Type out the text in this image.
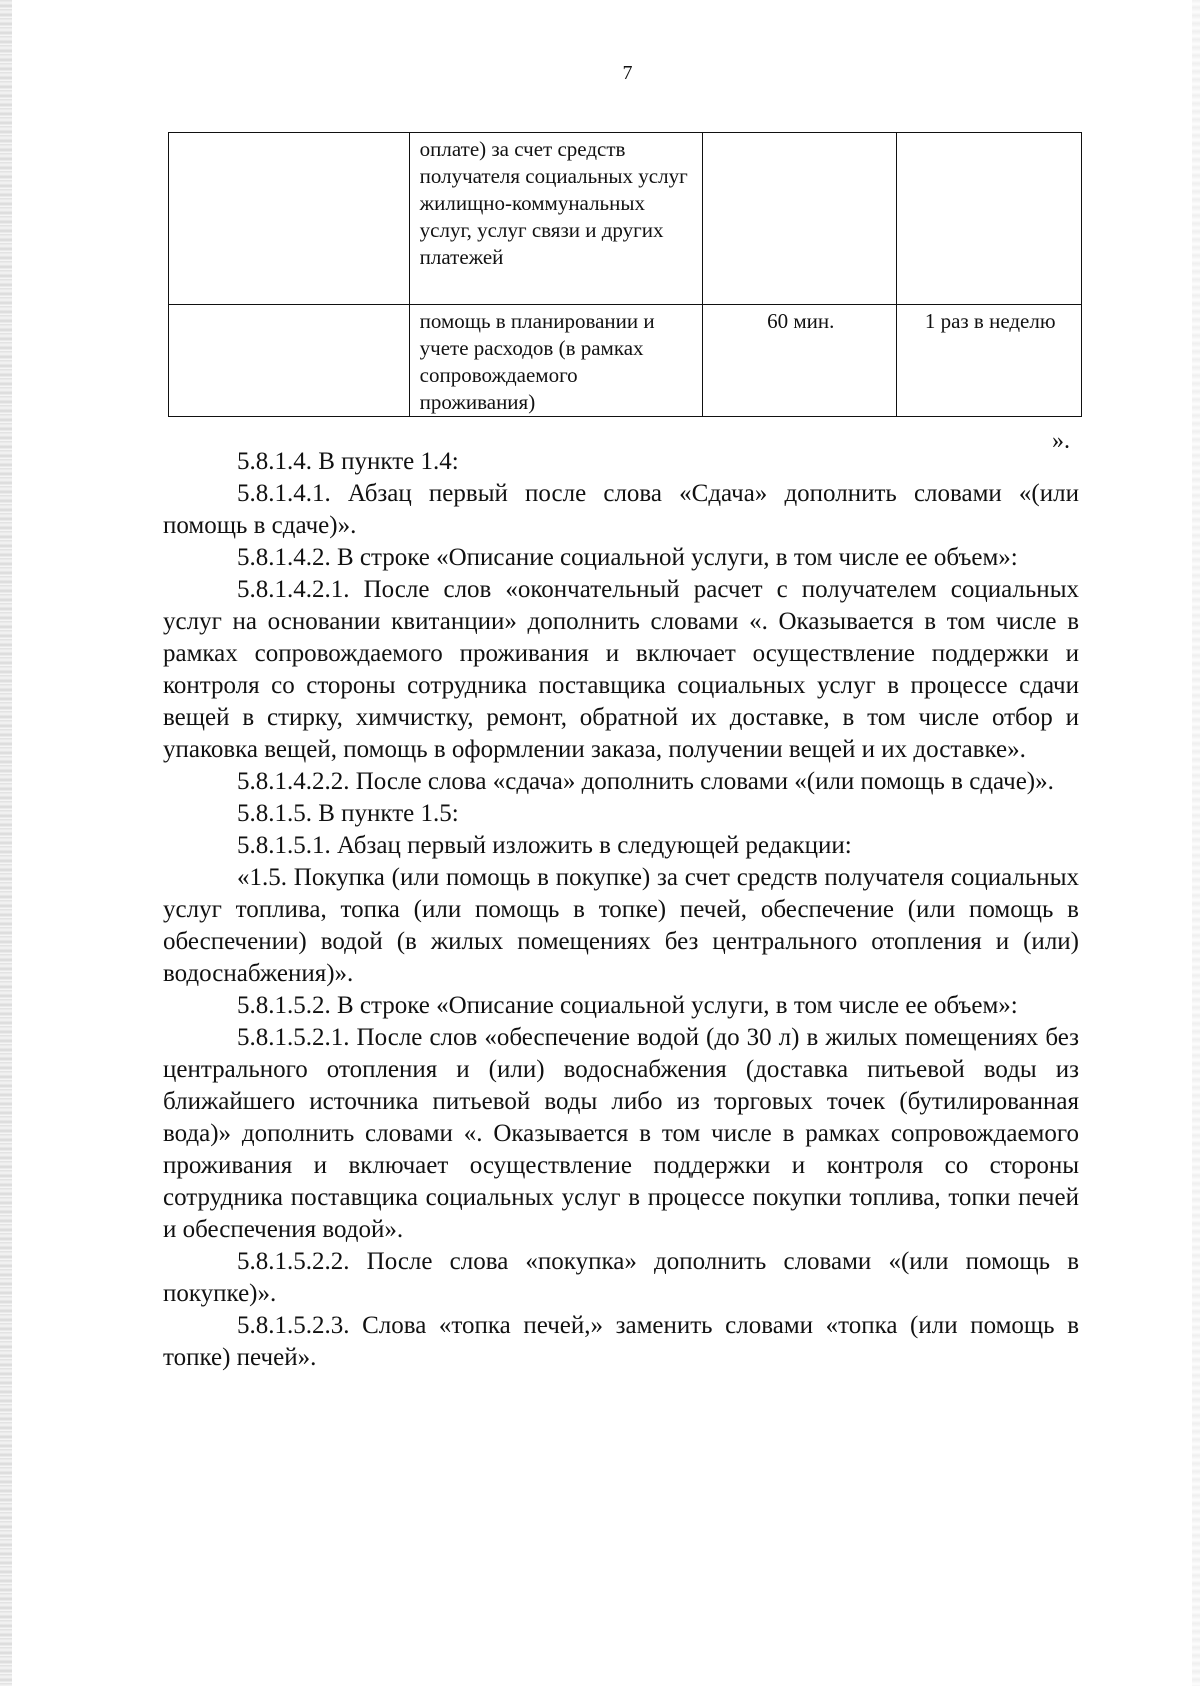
7
	оплате) за счет средств получателя социальных услуг жилищно-коммунальных услуг, услуг связи и других платежей		
	помощь в планировании и учете расходов (в рамках сопровождаемого проживания)	60 мин.	1 раз в неделю
».

5.8.1.4. В пункте 1.4:

5.8.1.4.1. Абзац первый после слова «Сдача» дополнить словами «(или помощь в сдаче)».

5.8.1.4.2. В строке «Описание социальной услуги, в том числе ее объем»:

5.8.1.4.2.1. После слов «окончательный расчет с получателем социальных услуг на основании квитанции» дополнить словами «. Оказывается в том числе в рамках сопровождаемого проживания и включает осуществление поддержки и контроля со стороны сотрудника поставщика социальных услуг в процессе сдачи вещей в стирку, химчистку, ремонт, обратной их доставке, в том числе отбор и упаковка вещей, помощь в оформлении заказа, получении вещей и их доставке».

5.8.1.4.2.2. После слова «сдача» дополнить словами «(или помощь в сдаче)».

5.8.1.5. В пункте 1.5:

5.8.1.5.1. Абзац первый изложить в следующей редакции:

«1.5. Покупка (или помощь в покупке) за счет средств получателя социальных услуг топлива, топка (или помощь в топке) печей, обеспечение (или помощь в обеспечении) водой (в жилых помещениях без центрального отопления и (или) водоснабжения)».

5.8.1.5.2. В строке «Описание социальной услуги, в том числе ее объем»:

5.8.1.5.2.1. После слов «обеспечение водой (до 30 л) в жилых помещениях без центрального отопления и (или) водоснабжения (доставка питьевой воды из ближайшего источника питьевой воды либо из торговых точек (бутилированная вода)» дополнить словами «. Оказывается в том числе в рамках сопровождаемого проживания и включает осуществление поддержки и контроля со стороны сотрудника поставщика социальных услуг в процессе покупки топлива, топки печей и обеспечения водой».

5.8.1.5.2.2. После слова «покупка» дополнить словами «(или помощь в покупке)».

5.8.1.5.2.3. Слова «топка печей,» заменить словами «топка (или помощь в топке) печей».
